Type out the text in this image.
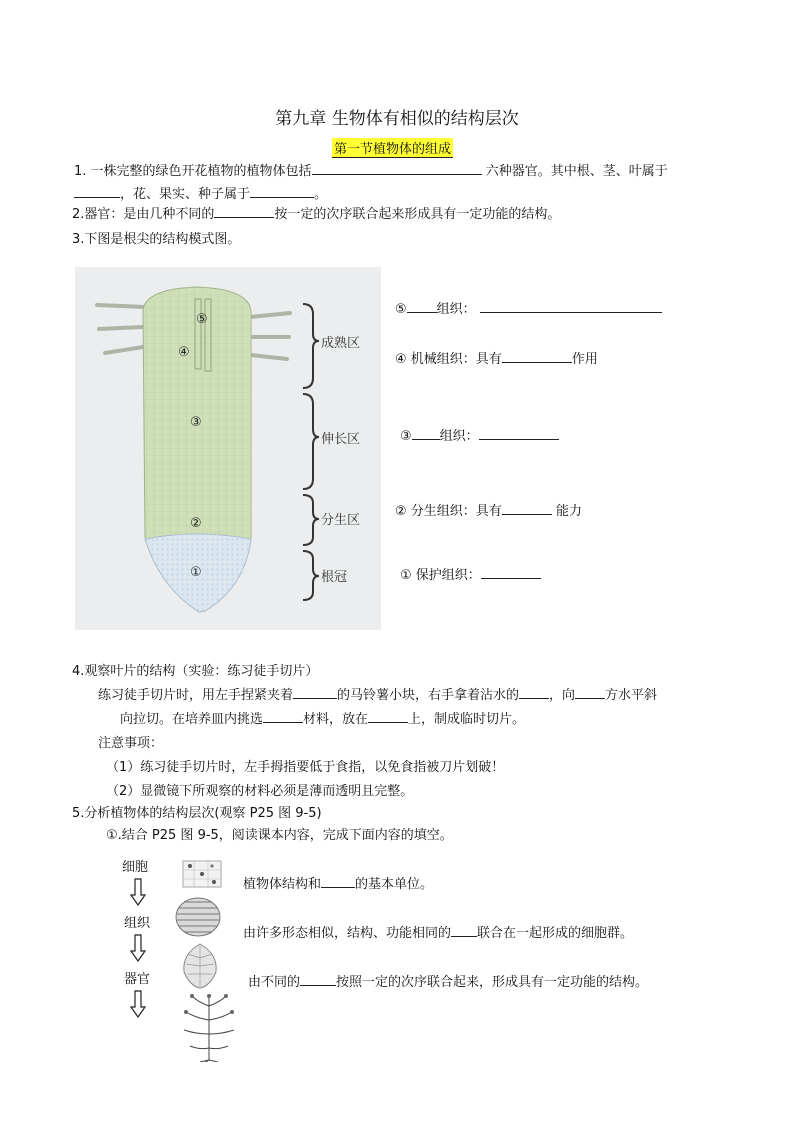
第九章 生物体有相似的结构层次
第一节植物体的组成
1. 一株完整的绿色开花植物的植物体包括	六种器官。其中根、茎、叶属于
，花、果实、种子属于	。
2.器官：是由几种不同的	按一定的次序联合起来形成具有一定功能的结构。
3.下图是根尖的结构模式图。
⑤
④
③
②
①
成熟区
伸长区
分生区
根冠
⑤ 组织：
④ 机械组织：具有	作用
③ 组织：
② 分生组织：具有	能力
① 保护组织：
4.观察叶片的结构（实验：练习徒手切片）
练习徒手切片时，用左手捏紧夹着	的马铃薯小块，右手拿着沾水的 ，向 方水平斜
向拉切。在培养皿内挑选	材料，放在	上，制成临时切片。
注意事项：
（1）练习徒手切片时，左手拇指要低于食指，以免食指被刀片划破！
（2）显微镜下所观察的材料必须是薄而透明且完整。
5.分析植物体的结构层次(观察 P25 图 9-5)
①.结合 P25 图 9-5，阅读课本内容，完成下面内容的填空。
细胞
组织
器官
植物体结构和	的基本单位。
由许多形态相似，结构、功能相同的 联合在一起形成的细胞群。
由不同的	按照一定的次序联合起来，形成具有一定功能的结构。
